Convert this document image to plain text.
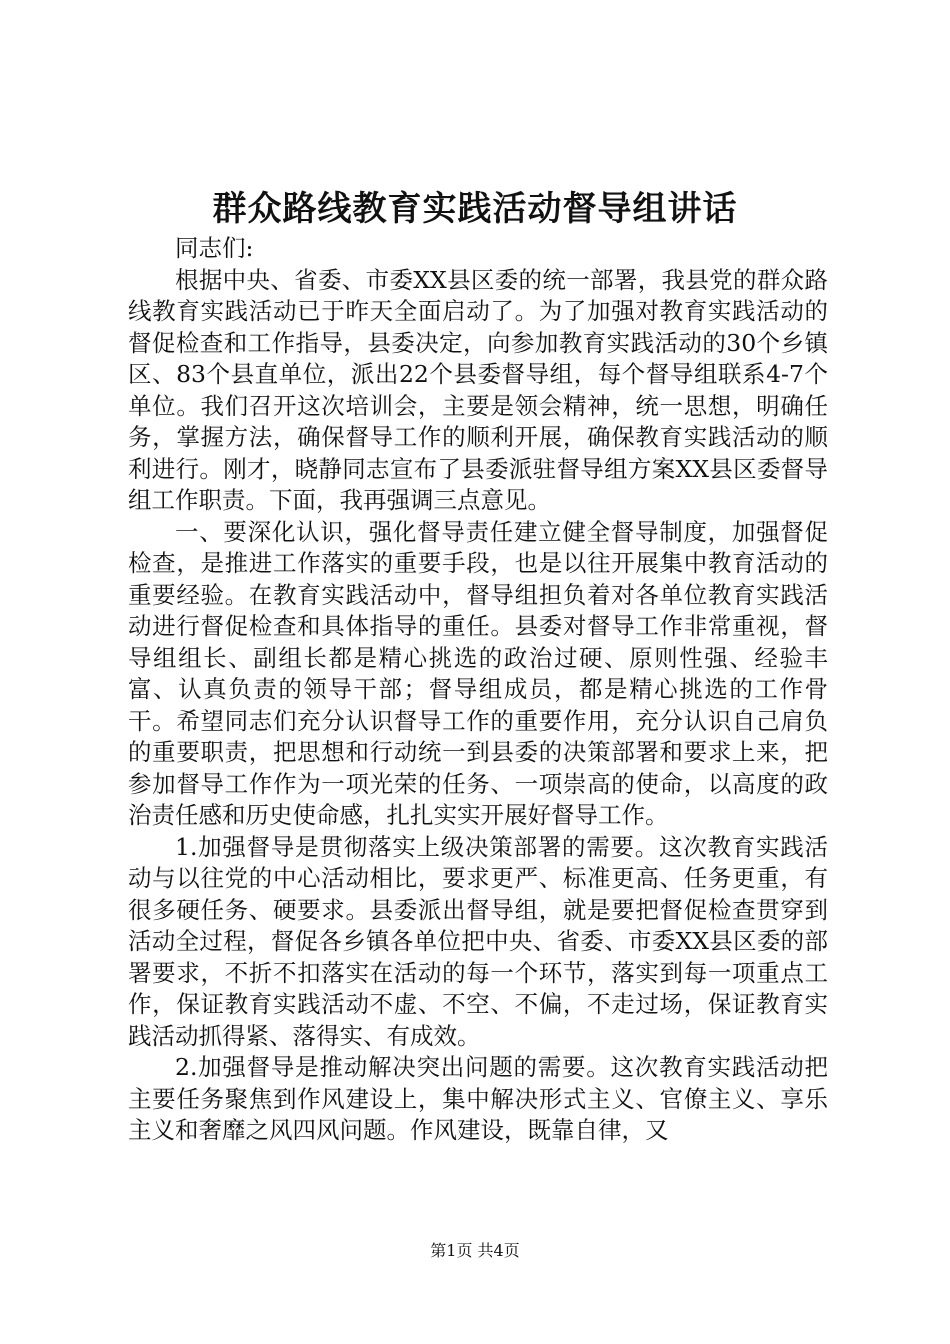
群众路线教育实践活动督导组讲话

同志们:

根据中央、省委、市委XX县区委的统一部署，我县党的群众路线教育实践活动已于昨天全面启动了。为了加强对教育实践活动的督促检查和工作指导，县委决定，向参加教育实践活动的30个乡镇区、83个县直单位，派出22个县委督导组，每个督导组联系4-7个单位。我们召开这次培训会，主要是领会精神，统一思想，明确任务，掌握方法，确保督导工作的顺利开展，确保教育实践活动的顺利进行。刚才，晓静同志宣布了县委派驻督导组方案XX县区委督导组工作职责。下面，我再强调三点意见。

一、要深化认识，强化督导责任建立健全督导制度，加强督促检查，是推进工作落实的重要手段，也是以往开展集中教育活动的重要经验。在教育实践活动中，督导组担负着对各单位教育实践活动进行督促检查和具体指导的重任。县委对督导工作非常重视，督导组组长、副组长都是精心挑选的政治过硬、原则性强、经验丰富、认真负责的领导干部；督导组成员，都是精心挑选的工作骨干。希望同志们充分认识督导工作的重要作用，充分认识自己肩负的重要职责，把思想和行动统一到县委的决策部署和要求上来，把参加督导工作作为一项光荣的任务、一项崇高的使命，以高度的政治责任感和历史使命感，扎扎实实开展好督导工作。

1.加强督导是贯彻落实上级决策部署的需要。这次教育实践活动与以往党的中心活动相比，要求更严、标准更高、任务更重，有很多硬任务、硬要求。县委派出督导组，就是要把督促检查贯穿到活动全过程，督促各乡镇各单位把中央、省委、市委XX县区委的部署要求，不折不扣落实在活动的每一个环节，落实到每一项重点工作，保证教育实践活动不虚、不空、不偏，不走过场，保证教育实践活动抓得紧、落得实、有成效。

2.加强督导是推动解决突出问题的需要。这次教育实践活动把主要任务聚焦到作风建设上，集中解决形式主义、官僚主义、享乐主义和奢靡之风四风问题。作风建设，既靠自律，又

第1页 共4页
